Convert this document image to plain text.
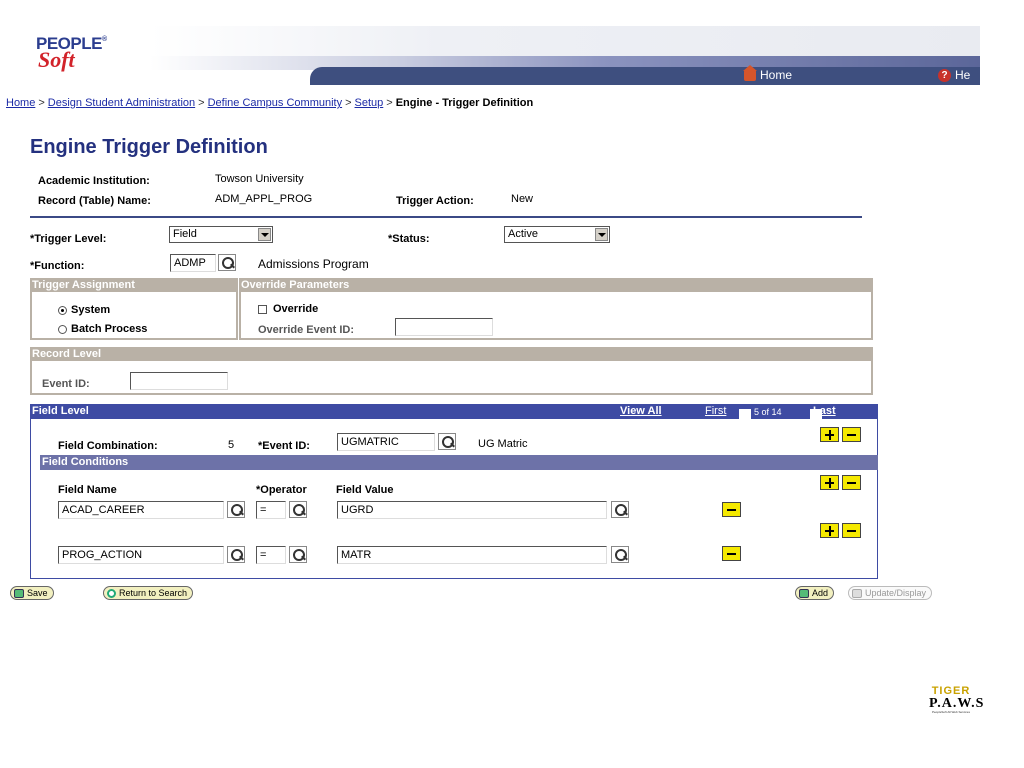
PEOPLE ®
Soft
Home	? He
Home > Design Student Administration > Define Campus Community > Setup > Engine - Trigger Definition
Engine Trigger Definition
Academic Institution:	Towson University
Record (Table) Name:	ADM_APPL_PROG	Trigger Action:	New
*Trigger Level:	Field	*Status:	Active
*Function:	ADMP	Admissions Program
Trigger Assignment
System
Batch Process
Override Parameters
Override
Override Event ID:
Record Level
Event ID:
Field Level	View All	First
	5 of 14	Last
Field Combination:	5 *Event ID:	UGMATRIC	UG Matric
Field Conditions
Field Name	*Operator	Field Value
ACAD_CAREER	=	UGRD
PROG_ACTION	=	MATR
Save	Return to Search	Add	Update/Display
TIGER
P.A.W.S
PeopleSoft All Web Services
